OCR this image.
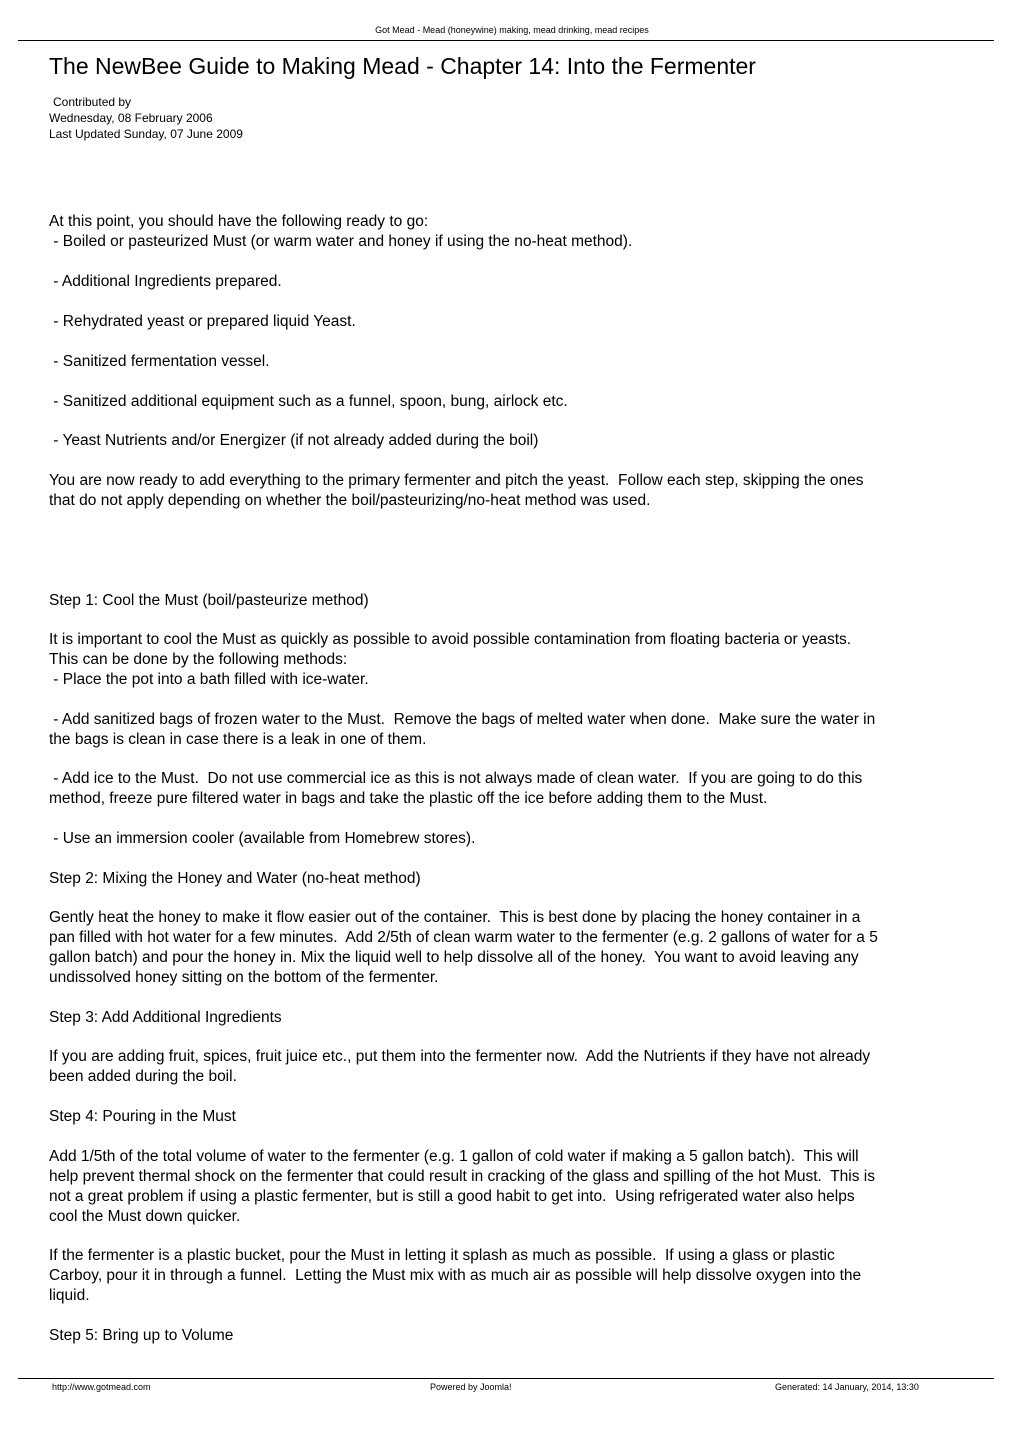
Got Mead - Mead (honeywine) making, mead drinking, mead recipes
The NewBee Guide to Making Mead - Chapter 14: Into the Fermenter
Contributed by
Wednesday, 08 February 2006
Last Updated Sunday, 07 June 2009
At this point, you should have the following ready to go:
- Boiled or pasteurized Must (or warm water and honey if using the no-heat method).
- Additional Ingredients prepared.
- Rehydrated yeast or prepared liquid Yeast.
- Sanitized fermentation vessel.
- Sanitized additional equipment such as a funnel, spoon, bung, airlock etc.
- Yeast Nutrients and/or Energizer (if not already added during the boil)
You are now ready to add everything to the primary fermenter and pitch the yeast.  Follow each step, skipping the ones
that do not apply depending on whether the boil/pasteurizing/no-heat method was used.
Step 1: Cool the Must (boil/pasteurize method)
It is important to cool the Must as quickly as possible to avoid possible contamination from floating bacteria or yeasts.
This can be done by the following methods:
- Place the pot into a bath filled with ice-water.
- Add sanitized bags of frozen water to the Must.  Remove the bags of melted water when done.  Make sure the water in
the bags is clean in case there is a leak in one of them.
- Add ice to the Must.  Do not use commercial ice as this is not always made of clean water.  If you are going to do this
method, freeze pure filtered water in bags and take the plastic off the ice before adding them to the Must.
- Use an immersion cooler (available from Homebrew stores).
Step 2: Mixing the Honey and Water (no-heat method)
Gently heat the honey to make it flow easier out of the container.  This is best done by placing the honey container in a
pan filled with hot water for a few minutes.  Add 2/5th of clean warm water to the fermenter (e.g. 2 gallons of water for a 5
gallon batch) and pour the honey in. Mix the liquid well to help dissolve all of the honey.  You want to avoid leaving any
undissolved honey sitting on the bottom of the fermenter.
Step 3: Add Additional Ingredients
If you are adding fruit, spices, fruit juice etc., put them into the fermenter now.  Add the Nutrients if they have not already
been added during the boil.
Step 4: Pouring in the Must
Add 1/5th of the total volume of water to the fermenter (e.g. 1 gallon of cold water if making a 5 gallon batch).  This will
help prevent thermal shock on the fermenter that could result in cracking of the glass and spilling of the hot Must.  This is
not a great problem if using a plastic fermenter, but is still a good habit to get into.  Using refrigerated water also helps
cool the Must down quicker.
If the fermenter is a plastic bucket, pour the Must in letting it splash as much as possible.  If using a glass or plastic
Carboy, pour it in through a funnel.  Letting the Must mix with as much air as possible will help dissolve oxygen into the
liquid.
Step 5: Bring up to Volume
http://www.gotmead.com	Powered by Joomla!	Generated: 14 January, 2014, 13:30
